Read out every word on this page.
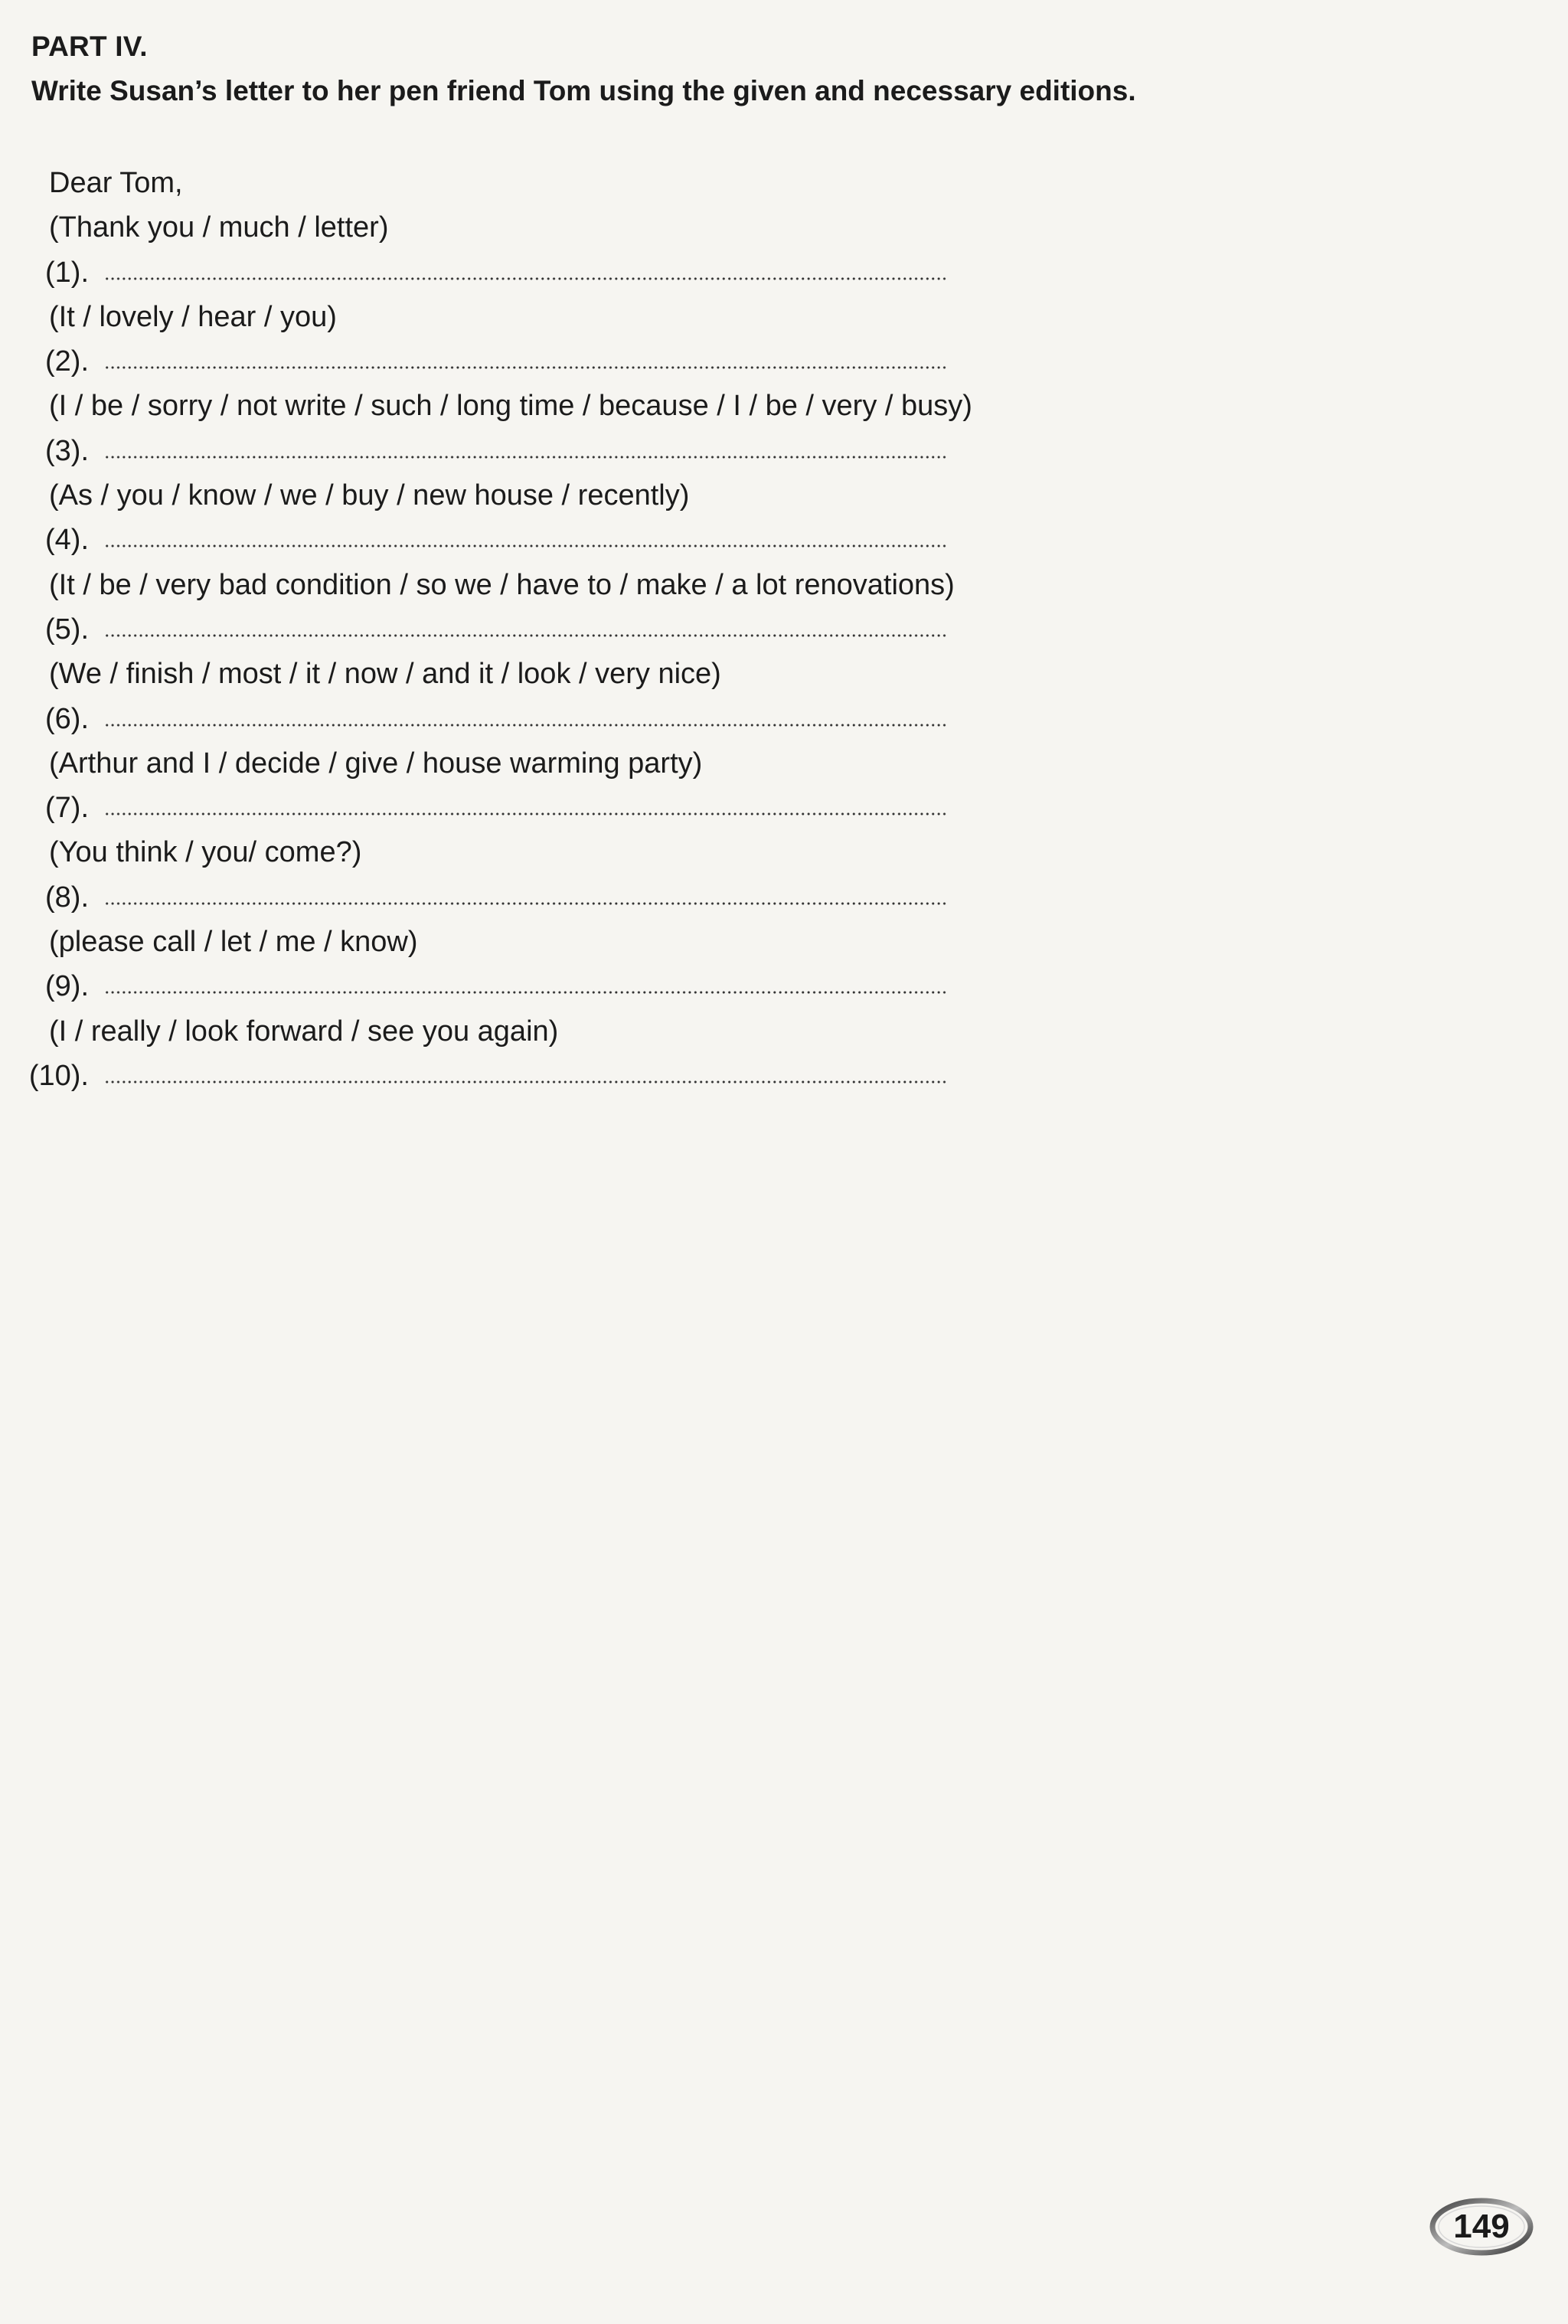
PART IV.
Write Susan’s letter to her pen friend Tom using the given and necessary editions.
Dear Tom,
(Thank you / much / letter)
(1).
(It / lovely / hear / you)
(2).
(I / be / sorry / not write / such / long time / because / I / be / very / busy)
(3).
(As / you / know / we / buy / new house / recently)
(4).
(It / be / very bad condition / so we / have to / make / a lot renovations)
(5).
(We / finish / most / it / now / and it / look / very nice)
(6).
(Arthur and I / decide / give / house warming party)
(7).
(You think / you/ come?)
(8).
(please call / let / me / know)
(9).
(I / really / look forward / see you again)
(10).
149
